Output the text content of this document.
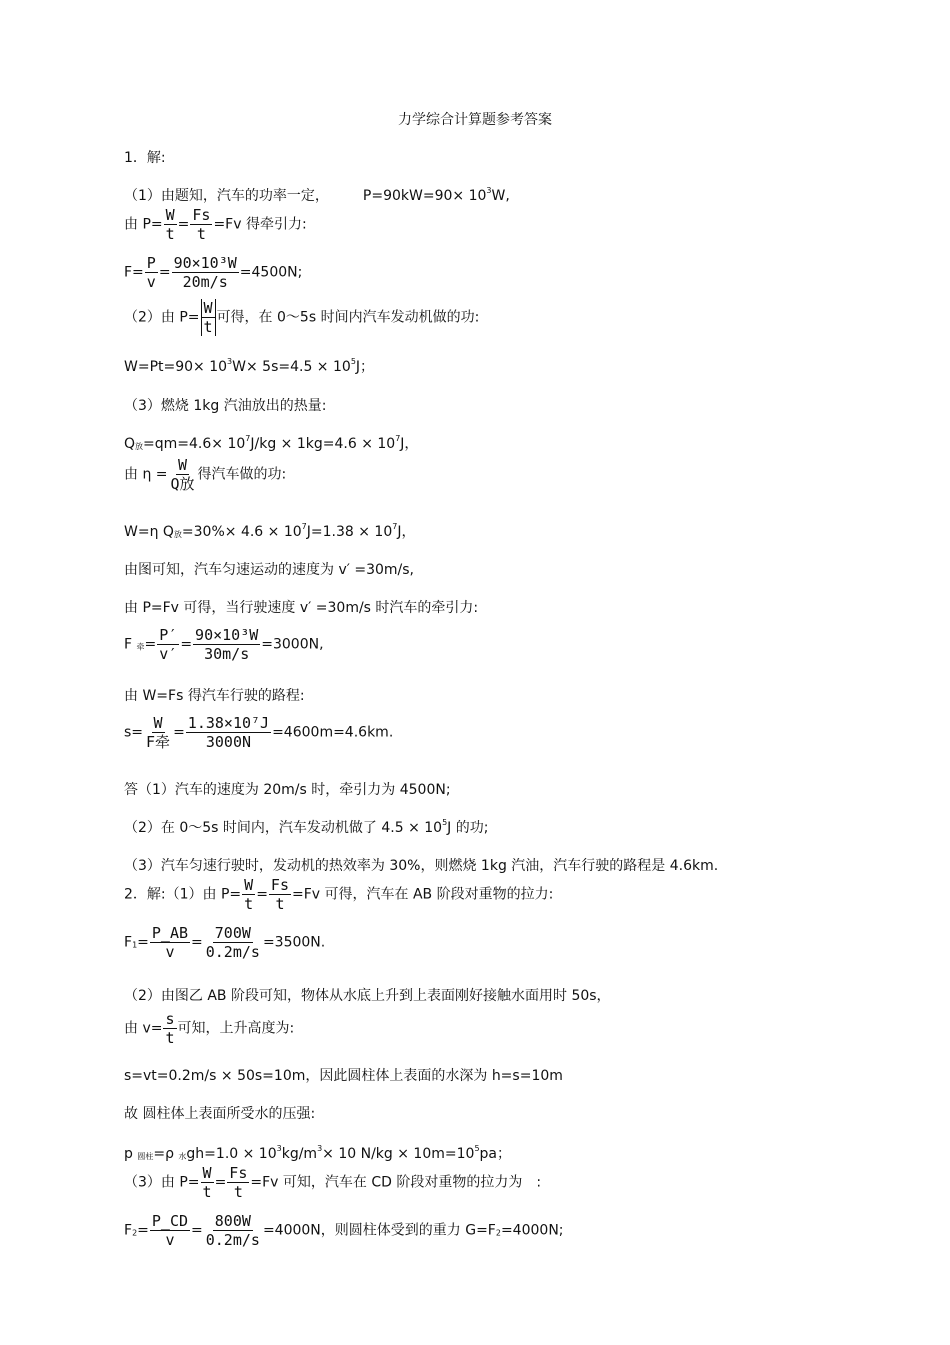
力学综合计算题参考答案
1．解:
（1）由题知，汽车的功率一定， $P=90kW=90\times 10^3W$,
由 $P= \frac{W}{t} = \frac{Fs}{t} =Fv$ 得牵引力:
$F= \frac{P}{v} = \frac{\text{90×10³W}}{20m/s} =4500N$;
（2）由 $P= \frac{W}{t}$ 可得，在 0～5s 时间内汽车发动机做的功:
$W=Pt=90\times 10^3W\times 5s=4.5 \times 10^5J$；
（3）燃烧 1kg 汽油放出的热量:
Q放$=qm=4.6\times 10^7J/kg \times 1kg=4.6 \times 10^7J$，
由 η =
W
Q放
得汽车做的功:
W=η Q放$=30\%\times 4.6 \times 10^7J=1.38 \times 10^7J$，
由图可知，汽车匀速运动的速度为 v′ =30m/s,
由 P=Fv 可得，当行驶速度 v′ =30m/s 时汽车的牵引力:
F 牵= $\frac{P'}{v'} = \frac{\text{90×10³W}}{30m/s} =3000N$,
由 W=Fs 得汽车行驶的路程:
s=
W
F牵
= $\frac{\text{1.38×10⁷J}}{3000N} =4600m=4.6km$.
答（1）汽车的速度为 20m/s 时，牵引力为 4500N;
（2）在 0～5s 时间内，汽车发动机做了 $4.5 \times 10^5J$ 的功;
（3）汽车匀速行驶时，发动机的热效率为 30%，则燃烧 1kg 汽油，汽车行驶的路程是 4.6km.
2．解:（1）由 $P= \frac{W}{t} = \frac{Fs}{t} =Fv$ 可得，汽车在 AB 阶段对重物的拉力:
$F1= \frac{P\_AB}{v} = \frac{700W}{0.2m/s} =3500N$.
（2）由图乙 AB 阶段可知，物体从水底上升到上表面刚好接触水面用时 50s，
由 $v= \frac{s}{t}$ 可知，上升高度为:
s=vt=0.2m/s × 50s=10m，因此圆柱体上表面的水深为 h=s=10m
故 圆柱体上表面所受水的压强:
p 圆柱=ρ 水$gh=1.0 \times 10^3kg/m^3\times 10$ $N/kg \times 10m=10^5pa$；
（3）由 $P= \frac{W}{t} = \frac{Fs}{t} =Fv$ 可知，汽车在 CD 阶段对重物的拉力为 :
$F2= \frac{P\_CD}{v} = \frac{800W}{0.2m/s} =4000N$，则圆柱体受到的重力 G=F2=4000N;
